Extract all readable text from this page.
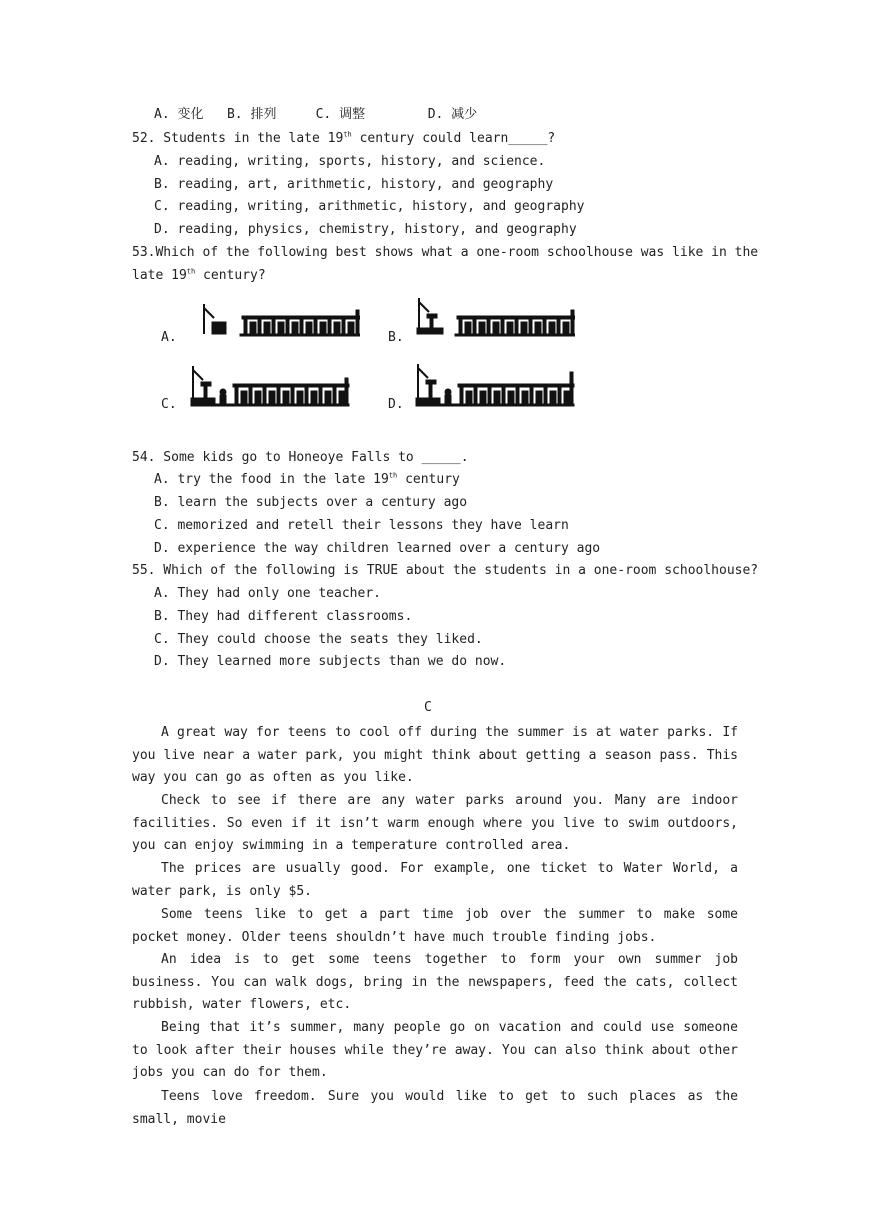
A. 变化 B. 排列	C. 调整	D. 减少
52. Students in the late 19th century could learn_____?
A. reading, writing, sports, history, and science.
B. reading, art, arithmetic, history, and geography
C. reading, writing, arithmetic, history, and geography
D. reading, physics, chemistry, history, and geography
53.Which of the following best shows what a one-room schoolhouse was like in the
late 19th century?
A.	B.
C.	D.
54. Some kids go to Honeoye Falls to _____.
A. try the food in the late 19th century
B. learn the subjects over a century ago
C. memorized and retell their lessons they have learn
D. experience the way children learned over a century ago
55. Which of the following is TRUE about the students in a one-room schoolhouse?
A. They had only one teacher.
B. They had different classrooms.
C. They could choose the seats they liked.
D. They learned more subjects than we do now.
C
A great way for teens to cool off during the summer is at water parks. If you live near a water park, you might think about getting a season pass. This way you can go as often as you like.
Check to see if there are any water parks around you. Many are indoor facilities. So even if it isn’t warm enough where you live to swim outdoors, you can enjoy swimming in a temperature controlled area.
The prices are usually good. For example, one ticket to Water World, a water park, is only $5.
Some teens like to get a part time job over the summer to make some pocket money. Older teens shouldn’t have much trouble finding jobs.
An idea is to get some teens together to form your own summer job business. You can walk dogs, bring in the newspapers, feed the cats, collect rubbish, water flowers, etc.
Being that it’s summer, many people go on vacation and could use someone to look after their houses while they’re away. You can also think about other jobs you can do for them.
Teens love freedom. Sure you would like to get to such places as the small, movie
